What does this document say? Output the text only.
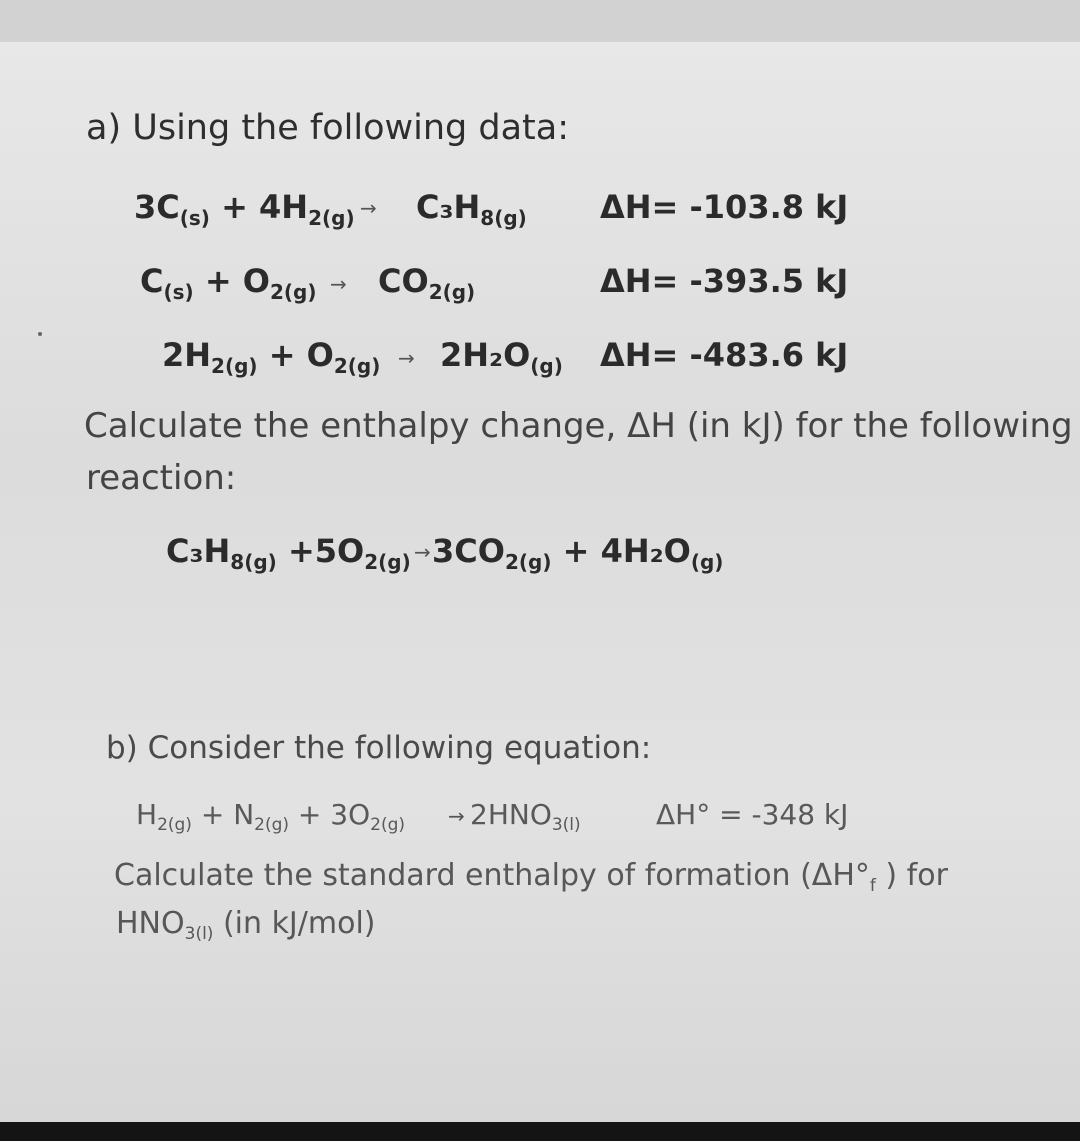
a) Using the following data:
$3C_{(s)} + 4H_{2(g)} \to C_3H_{8(g)}$ ΔH= -103.8 kJ
$C_{(s)} + O_{2(g)} \to CO_{2(g)}$	ΔH= -393.5 kJ
$2H_{2(g)} + O_{2(g)} \to 2H_2O_{(g)}$ ΔH= -483.6 kJ
Calculate the enthalpy change, ΔH (in kJ) for the following
reaction:
$C_3H_{8(g)} +5O_{2(g)} \to 3CO_{2(g)} + 4H_2O_{(g)}$
b) Consider the following equation:
$H_{2(g)} + N_{2(g)} + 3O_{2(g)} \to 2HNO_{3(l)}$	ΔH° = -348 kJ
Calculate the standard enthalpy of formation ($\Delta H^\circ_f$ ) for
$HNO_{3(l)}$ (in kJ/mol)
